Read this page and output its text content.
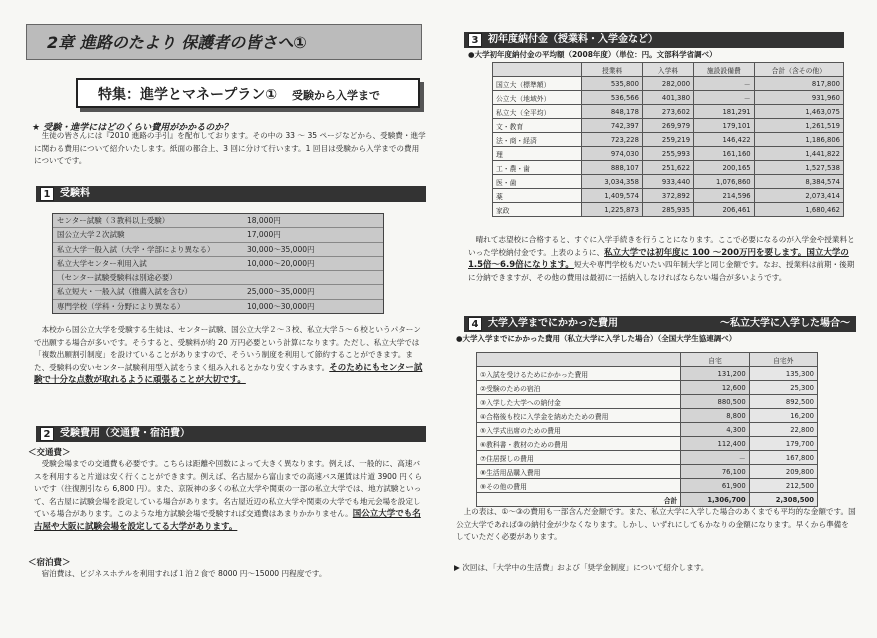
2章 進路のたより 保護者の皆さへ①
特集：進学とマネープラン① 受験から入学まで
★ 受験・進学にはどのくらい費用がかかるのか？
生徒の皆さんには『2010 進路の手引』を配布しております。その中の 33 ～ 35 ページなどから、受験費・進学に関わる費用について紹介いたします。紙面の都合上、3 回に分けて行います。1 回目は受験から入学までの費用についてです。
1 受験料
センター試験（３教科以上受験）	18,000円
国公立大学２次試験	17,000円
私立大学一般入試（大学・学部により異なる）	30,000～35,000円
私立大学センター利用入試	10,000～20,000円
（センター試験受験料は別途必要）
私立短大・一般入試（推薦入試を含む）	25,000～35,000円
専門学校（学科・分野により異なる）	10,000～30,000円
本校から国公立大学を受験する生徒は、センター試験、国公立大学２～３校、私立大学５～６校というパターンで出願する場合が多いです。そうすると、受験料が約 20 万円必要という計算になります。ただし、私立大学では「複数出願割引制度」を設けていることがありますので、そういう制度を利用して節約することができます。また、受験料の安いセンター試験利用型入試をうまく組み入れるとかなり安くすみます。そのためにもセンター試験で十分な点数が取れるように頑張ることが大切です。
2 受験費用（交通費・宿泊費）
＜交通費＞
受験会場までの交通費も必要です。こちらは距離や回数によって大きく異なります。例えば、一般的に、高速バスを利用すると片道は安く行くことができます。例えば、名古屋から富山までの高速バス運賃は片道 3900 円くらいです（往復割引なら 6,800 円）。また、京阪神の多くの私立大学や関東の一部の私立大学では、地方試験といって、名古屋に試験会場を設定している場合があります。名古屋近辺の私立大学や関東の大学でも地元会場を設定している場合があります。このような地方試験会場で受験すれば交通費はあまりかかりません。国公立大学でも名古屋や大阪に試験会場を設定してる大学があります。
＜宿泊費＞
宿泊費は、ビジネスホテルを利用すれば１泊２食で 8000 円～15000 円程度です。
3 初年度納付金（授業料・入学金など）
●大学初年度納付金の平均額（2008年度）（単位：円。文部科学省調べ）
	授業料	入学料	施設設備費	合計（含その他）
国立大（標準額）	535,800	282,000	－	817,800
公立大（地域外）	536,566	401,380	－	931,960
私立大（全平均）	848,178	273,602	181,291	1,463,075
文・教育	742,397	269,979	179,101	1,261,519
法・商・経済	723,228	259,219	146,422	1,186,806
理	974,030	255,993	161,160	1,441,822
工・農・歯	888,107	251,622	200,165	1,527,538
医・歯	3,034,358	933,440	1,076,860	8,384,574
薬	1,409,574	372,892	214,596	2,073,414
家政	1,225,873	285,935	206,461	1,680,462
晴れて志望校に合格すると、すぐに入学手続きを行うことになります。ここで必要になるのが入学金や授業料といった学校納付金です。上表のように、私立大学では初年度に 100 ～200万円を要します。国立大学の1.5倍～6.9倍になります。短大や専門学校もだいたい四年制大学と同じ金額です。なお、授業料は前期・後期に分納できますが、その他の費用は最初に一括納入しなければならない場合が多いようです。
4 大学入学までにかかった費用	～私立大学に入学した場合～
●大学入学までにかかった費用（私立大学に入学した場合）（全国大学生協連調べ）
	自宅	自宅外
①入試を受けるためにかかった費用	131,200	135,300
②受験のための宿泊	12,600	25,300
③入学した大学への納付金	880,500	892,500
④合格後も校に入学金を納めたための費用	8,800	16,200
⑤入学式出席のための費用	4,300	22,800
⑥教科書・教材のための費用	112,400	179,700
⑦住居探しの費用	－	167,800
⑧生活用品購入費用	76,100	209,800
⑨その他の費用	61,900	212,500
合計	1,306,700	2,308,500
上の表は、①～③の費用も一部含んだ金額です。また、私立大学に入学した場合のあくまでも平均的な金額です。国公立大学であれば③の納付金が少なくなります。しかし、いずれにしてもかなりの金額になります。早くから準備をしていただく必要があります。
▶ 次回は、「大学中の生活費」および「奨学金制度」について紹介します。
